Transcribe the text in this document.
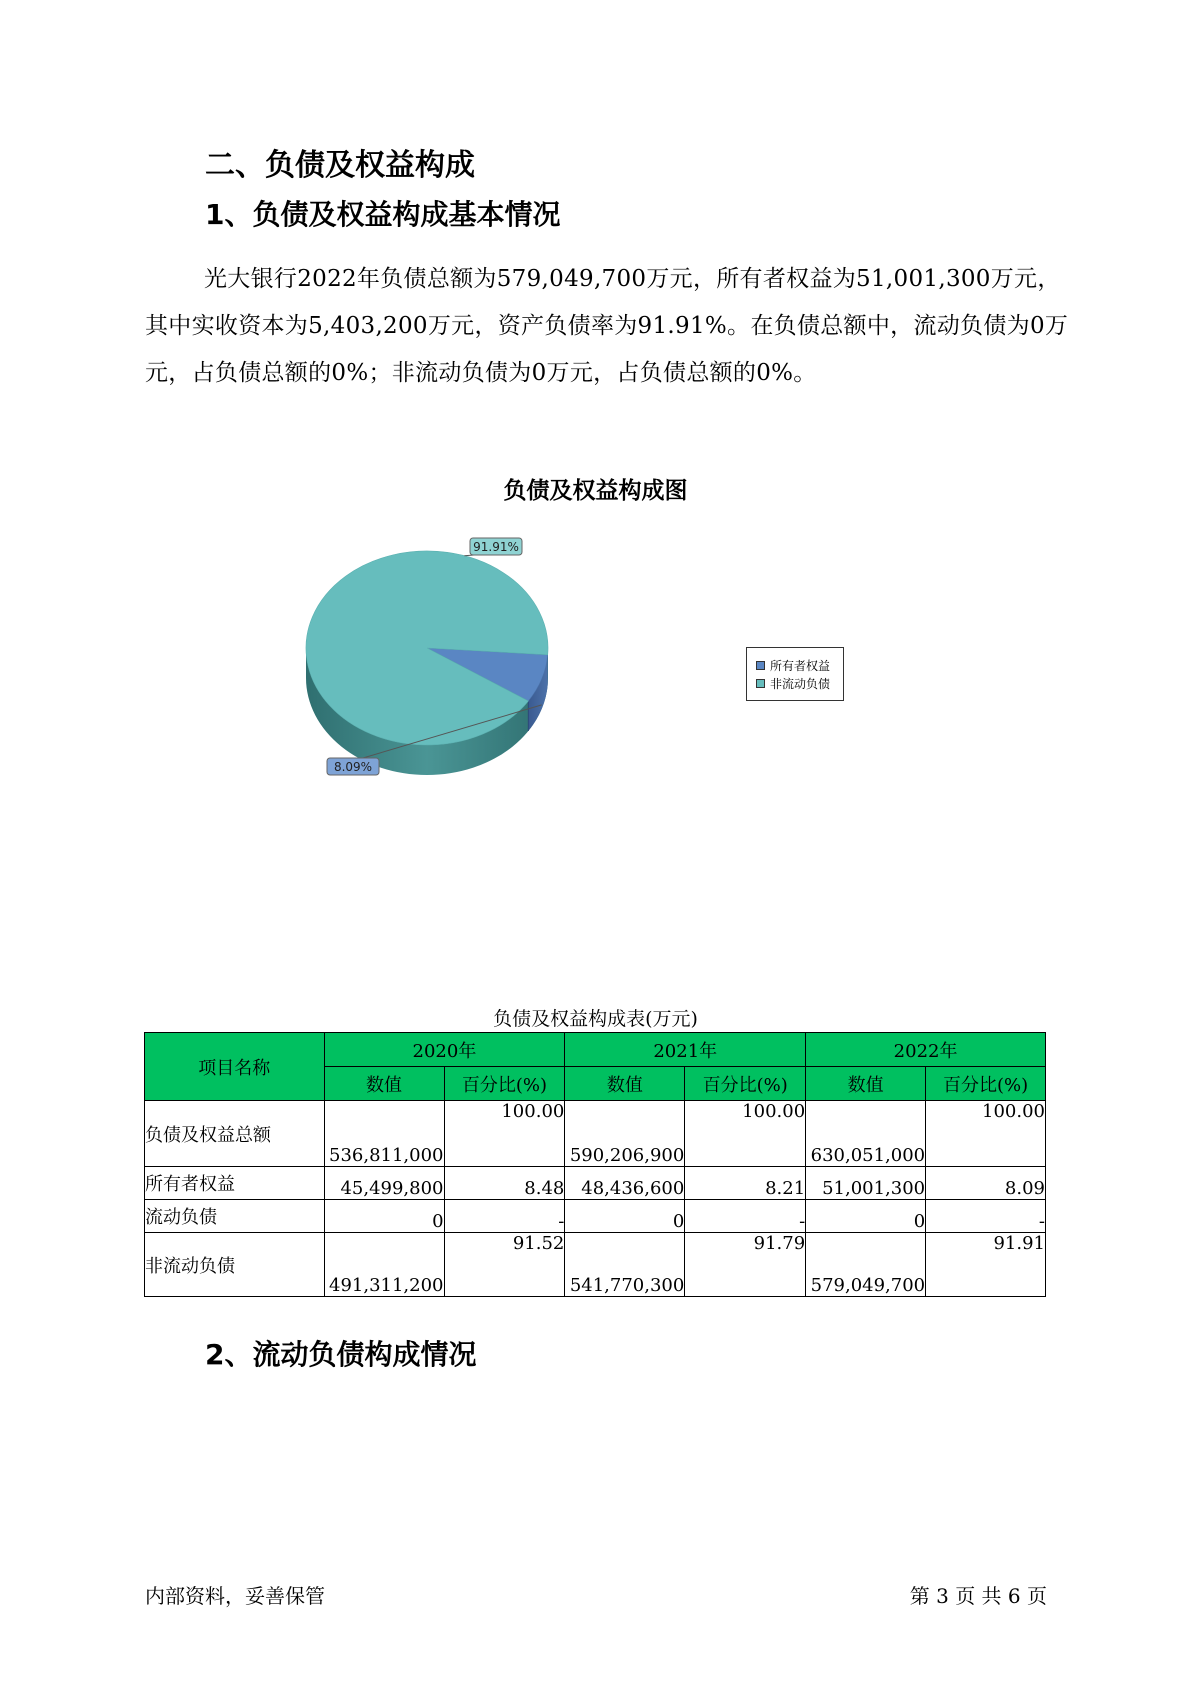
二、负债及权益构成
1、负债及权益构成基本情况

光大银行2022年负债总额为579,049,700万元，所有者权益为51,001,300万元，其中实收资本为5,403,200万元，资产负债率为91.91%。在负债总额中，流动负债为0万元，占负债总额的0%；非流动负债为0万元，占负债总额的0%。

负债及权益构成图
8.09%
91.91%
所有者权益
非流动负债
负债及权益构成表(万元)
项目名称	2020年		2021年		2022年	
	数值	百分比(%)	数值	百分比(%)	数值	百分比(%)
负债及权益总额	536,811,000	100.00	590,206,900	100.00	630,051,000	100.00
所有者权益	45,499,800	8.48	48,436,600	8.21	51,001,300	8.09
流动负债	0	-	0	-	0	-
非流动负债	491,311,200	91.52	541,770,300	91.79	579,049,700	91.91
2、流动负债构成情况
内部资料，妥善保管	第 3 页 共 6 页
